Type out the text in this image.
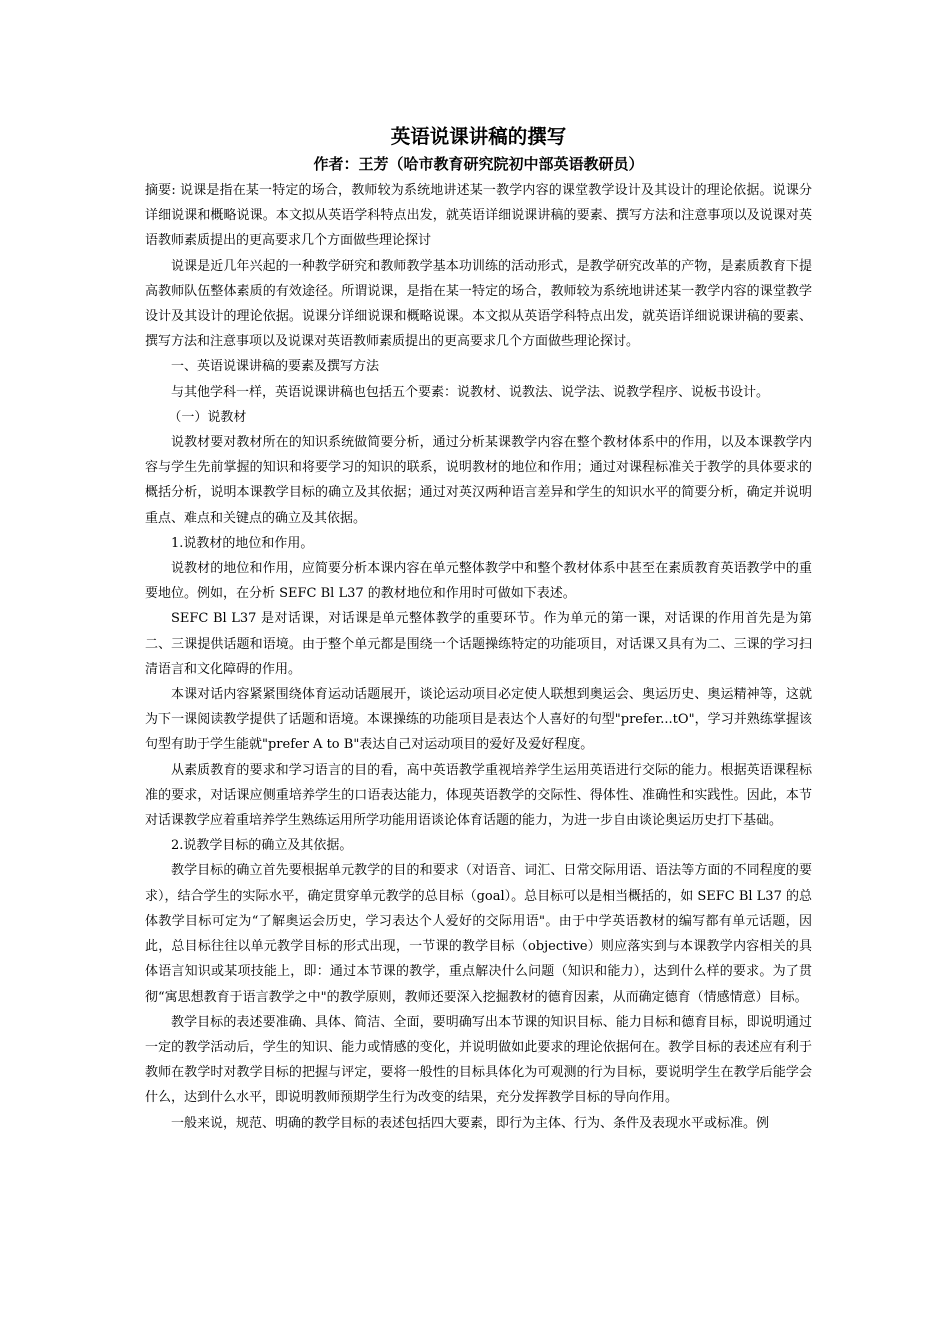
英语说课讲稿的撰写
作者：王芳（哈市教育研究院初中部英语教研员）

摘要: 说课是指在某一特定的场合，教师较为系统地讲述某一教学内容的课堂教学设计及其设计的理论依据。说课分详细说课和概略说课。本文拟从英语学科特点出发，就英语详细说课讲稿的要素、撰写方法和注意事项以及说课对英语教师素质提出的更高要求几个方面做些理论探讨

说课是近几年兴起的一种教学研究和教师教学基本功训练的活动形式，是教学研究改革的产物，是素质教育下提高教师队伍整体素质的有效途径。所谓说课，是指在某一特定的场合，教师较为系统地讲述某一教学内容的课堂教学设计及其设计的理论依据。说课分详细说课和概略说课。本文拟从英语学科特点出发，就英语详细说课讲稿的要素、撰写方法和注意事项以及说课对英语教师素质提出的更高要求几个方面做些理论探讨。

一、英语说课讲稿的要素及撰写方法

与其他学科一样，英语说课讲稿也包括五个要素：说教材、说教法、说学法、说教学程序、说板书设计。

（一）说教材

说教材要对教材所在的知识系统做简要分析，通过分析某课教学内容在整个教材体系中的作用，以及本课教学内容与学生先前掌握的知识和将要学习的知识的联系，说明教材的地位和作用；通过对课程标准关于教学的具体要求的概括分析，说明本课教学目标的确立及其依据；通过对英汉两种语言差异和学生的知识水平的简要分析，确定并说明重点、难点和关键点的确立及其依据。

1.说教材的地位和作用。

说教材的地位和作用，应简要分析本课内容在单元整体教学中和整个教材体系中甚至在素质教育英语教学中的重要地位。例如，在分析 SEFC Bl L37 的教材地位和作用时可做如下表述。

SEFC Bl L37 是对话课，对话课是单元整体教学的重要环节。作为单元的第一课，对话课的作用首先是为第二、三课提供话题和语境。由于整个单元都是围绕一个话题操练特定的功能项目，对话课又具有为二、三课的学习扫清语言和文化障碍的作用。

本课对话内容紧紧围绕体育运动话题展开，谈论运动项目必定使人联想到奥运会、奥运历史、奥运精神等，这就为下一课阅读教学提供了话题和语境。本课操练的功能项目是表达个人喜好的句型"prefer...tO"，学习并熟练掌握该句型有助于学生能就"prefer A to B"表达自己对运动项目的爱好及爱好程度。

从素质教育的要求和学习语言的目的看，高中英语教学重视培养学生运用英语进行交际的能力。根据英语课程标准的要求，对话课应侧重培养学生的口语表达能力，体现英语教学的交际性、得体性、准确性和实践性。因此，本节对话课教学应着重培养学生熟练运用所学功能用语谈论体育话题的能力，为进一步自由谈论奥运历史打下基础。

2.说教学目标的确立及其依据。

教学目标的确立首先要根据单元教学的目的和要求（对语音、词汇、日常交际用语、语法等方面的不同程度的要求），结合学生的实际水平，确定贯穿单元教学的总目标（goal）。总目标可以是相当概括的，如 SEFC Bl L37 的总体教学目标可定为“了解奥运会历史，学习表达个人爱好的交际用语"。由于中学英语教材的编写都有单元话题，因此，总目标往往以单元教学目标的形式出现，一节课的教学目标（objective）则应落实到与本课教学内容相关的具体语言知识或某项技能上，即：通过本节课的教学，重点解决什么问题（知识和能力），达到什么样的要求。为了贯彻“寓思想教育于语言教学之中"的教学原则，教师还要深入挖掘教材的德育因素，从而确定德育（情感情意）目标。

教学目标的表述要准确、具体、简洁、全面，要明确写出本节课的知识目标、能力目标和德育目标，即说明通过一定的教学活动后，学生的知识、能力或情感的变化，并说明做如此要求的理论依据何在。教学目标的表述应有利于教师在教学时对教学目标的把握与评定，要将一般性的目标具体化为可观测的行为目标，要说明学生在教学后能学会什么，达到什么水平，即说明教师预期学生行为改变的结果，充分发挥教学目标的导向作用。

一般来说，规范、明确的教学目标的表述包括四大要素，即行为主体、行为、条件及表现水平或标准。例
